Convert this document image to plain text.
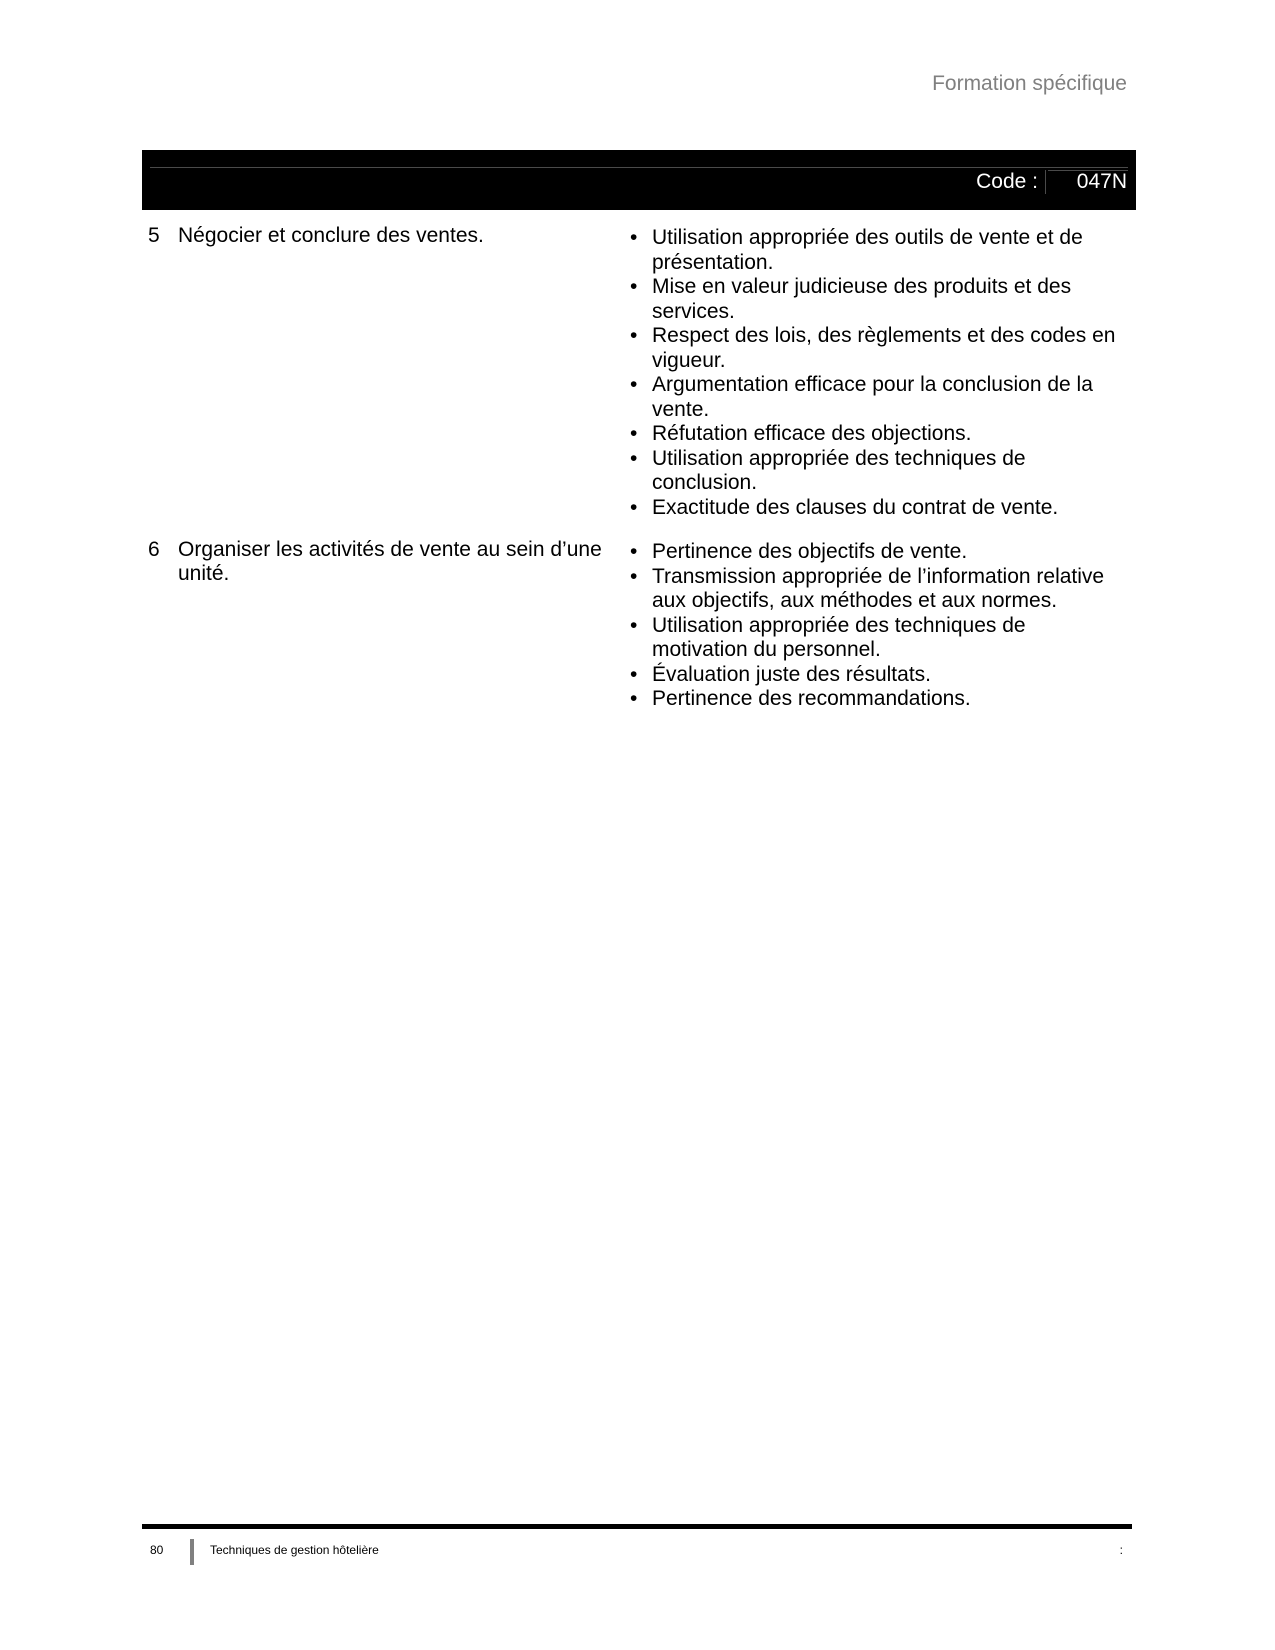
Formation spécifique
Code : 047N
5 Négocier et conclure des ventes.
•	Utilisation appropriée des outils de vente et de présentation.
• Mise en valeur judicieuse des produits et des services.
• Respect des lois, des règlements et des codes en vigueur.
• Argumentation efficace pour la conclusion de la vente.
• Réfutation efficace des objections.
• Utilisation appropriée des techniques de conclusion.
• Exactitude des clauses du contrat de vente.
6 Organiser les activités de vente au sein d’une unité.
• Pertinence des objectifs de vente.
• Transmission appropriée de l’information relative aux objectifs, aux méthodes et aux normes.
• Utilisation appropriée des techniques de motivation du personnel.
• Évaluation juste des résultats.
• Pertinence des recommandations.
80	Techniques de gestion hôtelière	:
